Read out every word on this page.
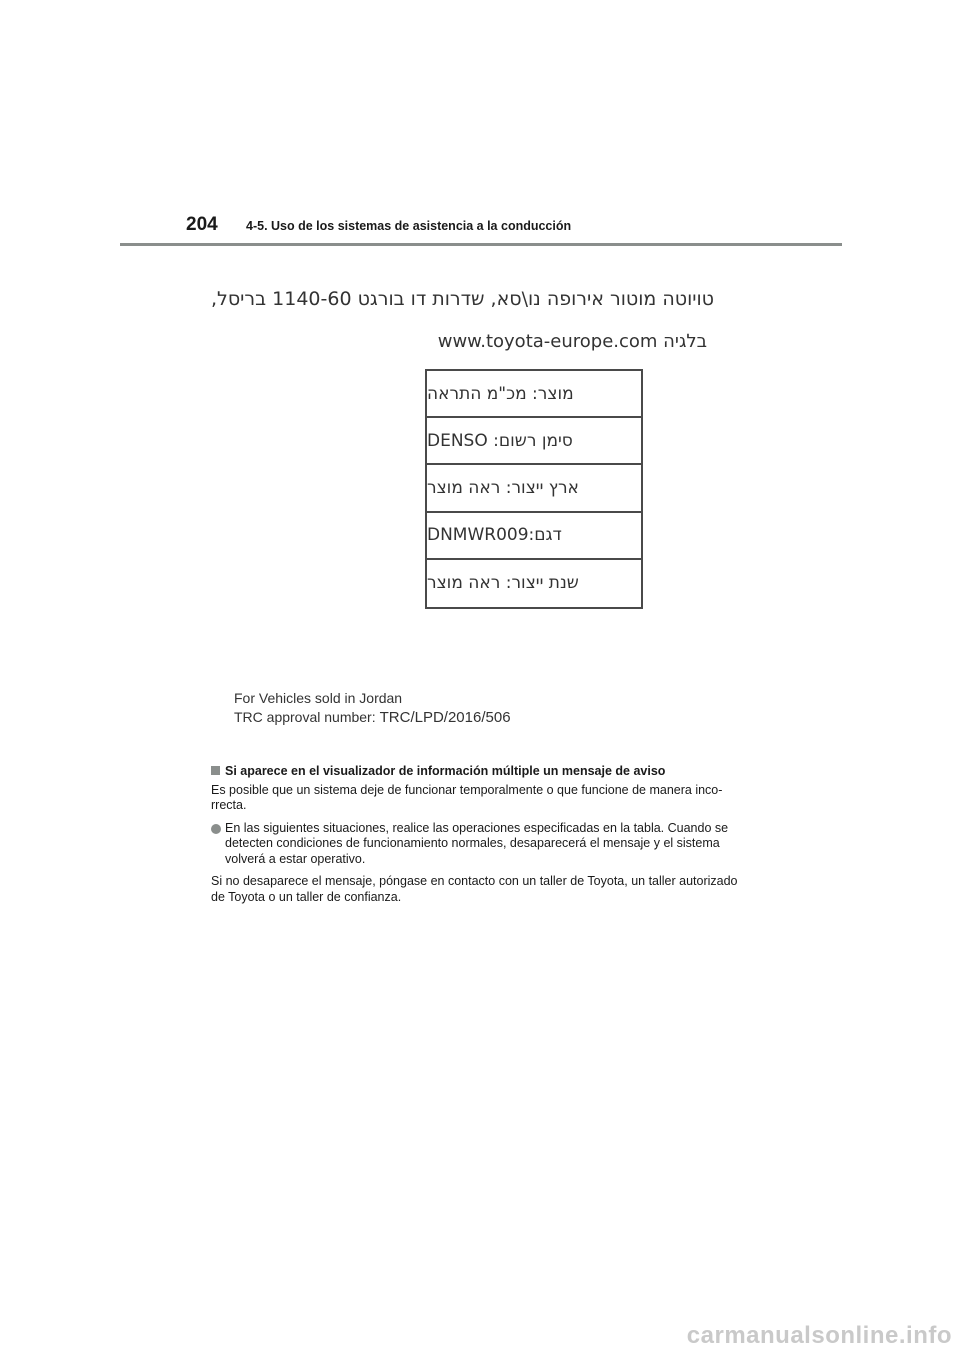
204 4-5. Uso de los sistemas de asistencia a la conducción
טויוטה מוטור אירופה נו\סא, שדרות דו בורגט 1140-60 בריסל,
בלגיה www.toyota-europe.com
מוצר: מכ"מ התראה
סימן רשום: DENSO
ארץ ייצור: ראה מוצר
דגם:DNMWR009
שנת ייצור: ראה מוצר
For Vehicles sold in Jordan
TRC approval number: TRC/LPD/2016/506
Si aparece en el visualizador de información múltiple un mensaje de aviso

Es posible que un sistema deje de funcionar temporalmente o que funcione de manera inco-rrecta.

En las siguientes situaciones, realice las operaciones especificadas en la tabla. Cuando se detecten condiciones de funcionamiento normales, desaparecerá el mensaje y el sistema volverá a estar operativo.

Si no desaparece el mensaje, póngase en contacto con un taller de Toyota, un taller autorizado de Toyota o un taller de confianza.

carmanualsonline.info
